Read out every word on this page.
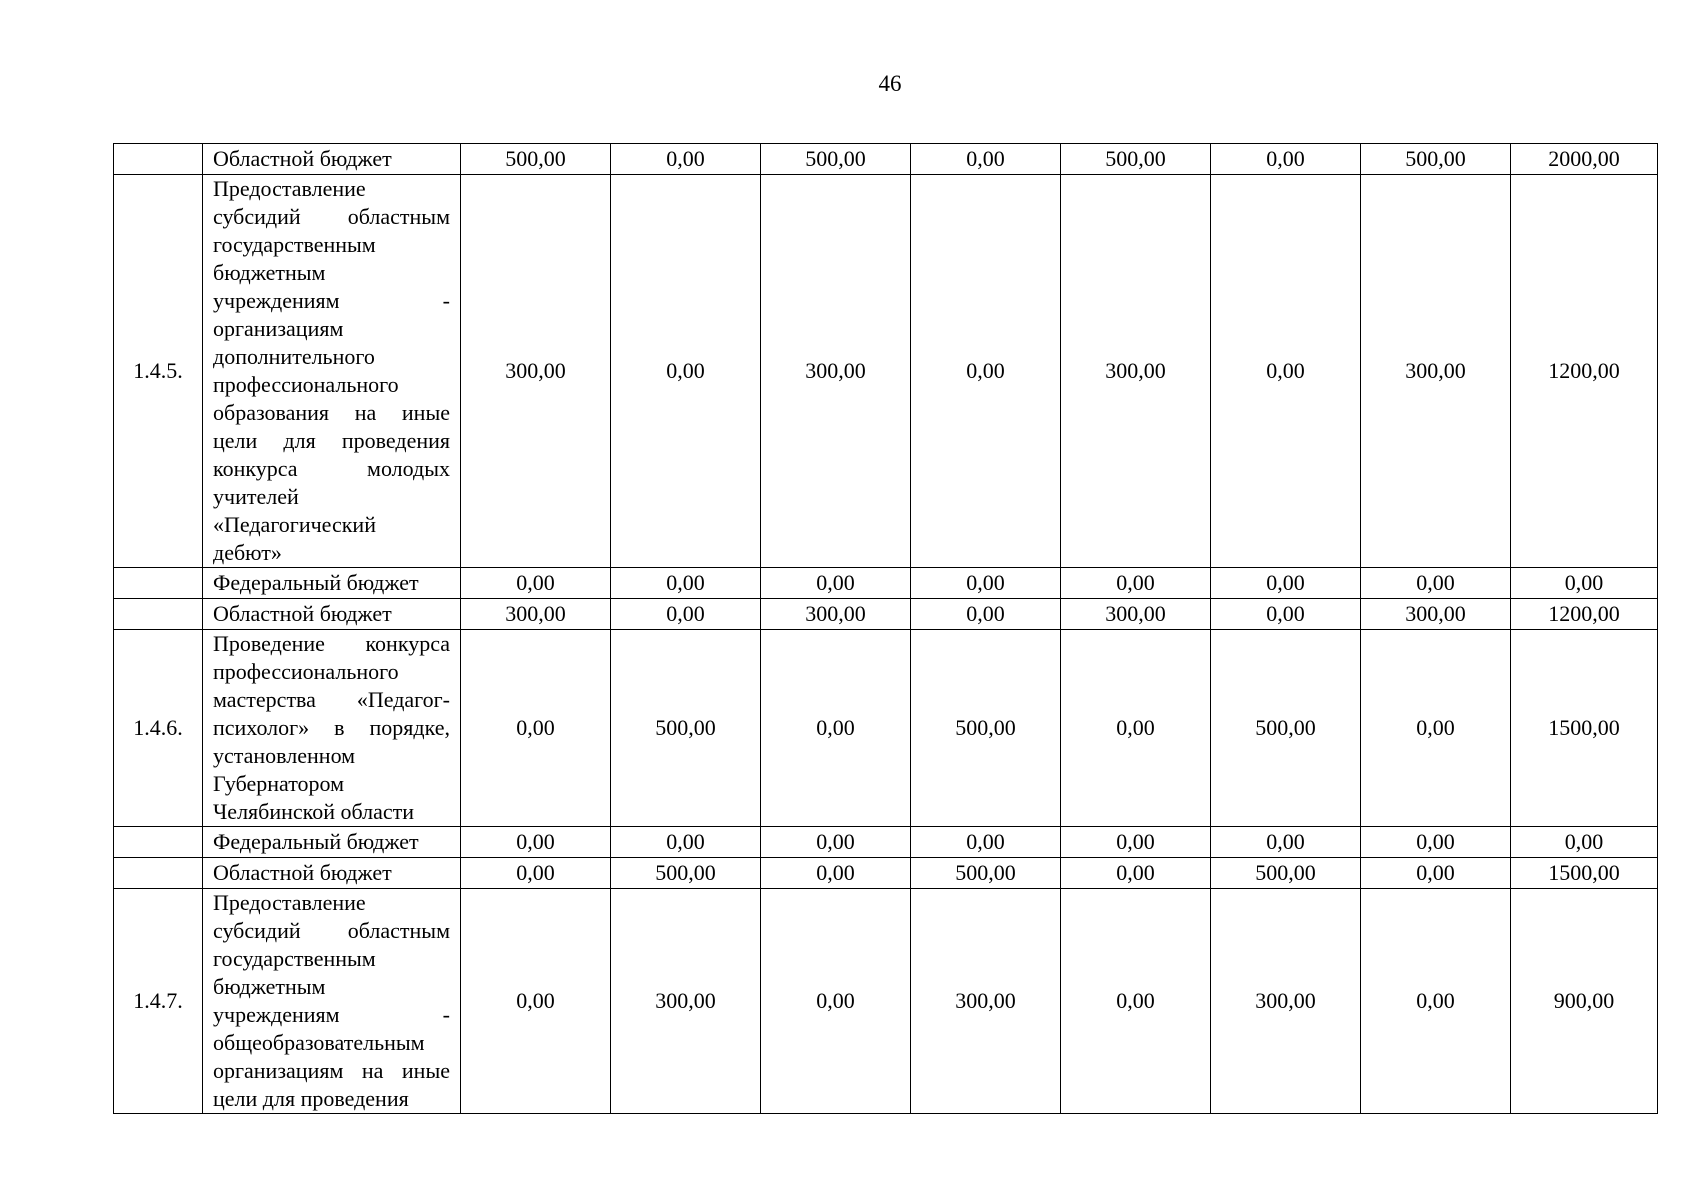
46
	Областной бюджет	500,00	0,00	500,00	0,00	500,00	0,00	500,00	2000,00
1.4.5.	Предоставление субсидий областным государственным бюджетным учреждениям - организациям дополнительного профессионального образования на иные цели для проведения конкурса молодых учителей «Педагогический дебют»	300,00	0,00	300,00	0,00	300,00	0,00	300,00	1200,00
	Федеральный бюджет	0,00	0,00	0,00	0,00	0,00	0,00	0,00	0,00
	Областной бюджет	300,00	0,00	300,00	0,00	300,00	0,00	300,00	1200,00
1.4.6.	Проведение конкурса профессионального мастерства «Педагог-психолог» в порядке, установленном Губернатором Челябинской области	0,00	500,00	0,00	500,00	0,00	500,00	0,00	1500,00
	Федеральный бюджет	0,00	0,00	0,00	0,00	0,00	0,00	0,00	0,00
	Областной бюджет	0,00	500,00	0,00	500,00	0,00	500,00	0,00	1500,00
1.4.7.	Предоставление субсидий областным государственным бюджетным учреждениям - общеобразовательным организациям на иные цели для проведения	0,00	300,00	0,00	300,00	0,00	300,00	0,00	900,00
